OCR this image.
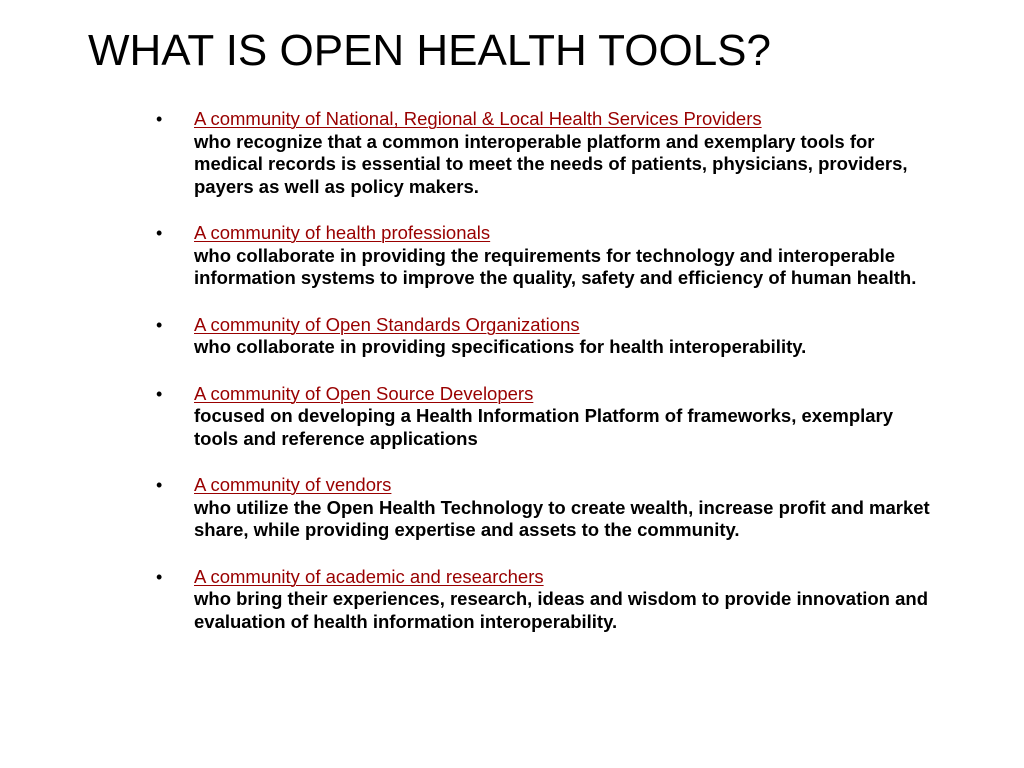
WHAT IS OPEN HEALTH TOOLS?
•	A community of National, Regional & Local Health Services Providers
who recognize that a common interoperable platform and exemplary tools for medical records is essential to meet the needs of patients, physicians, providers, payers as well as policy makers.
•	A community of health professionals
who collaborate in providing the requirements for technology and interoperable information systems to improve the quality, safety and efficiency of human health.
•	A community of Open Standards Organizations
who collaborate in providing specifications for health interoperability.
•	A community of Open Source Developers
focused on developing a Health Information Platform of frameworks, exemplary tools and reference applications
•	A community of vendors
who utilize the Open Health Technology to create wealth, increase profit and market share, while providing expertise and assets to the community.
•	A community of academic and researchers
who bring their experiences, research, ideas and wisdom to provide innovation and evaluation of health information interoperability.
